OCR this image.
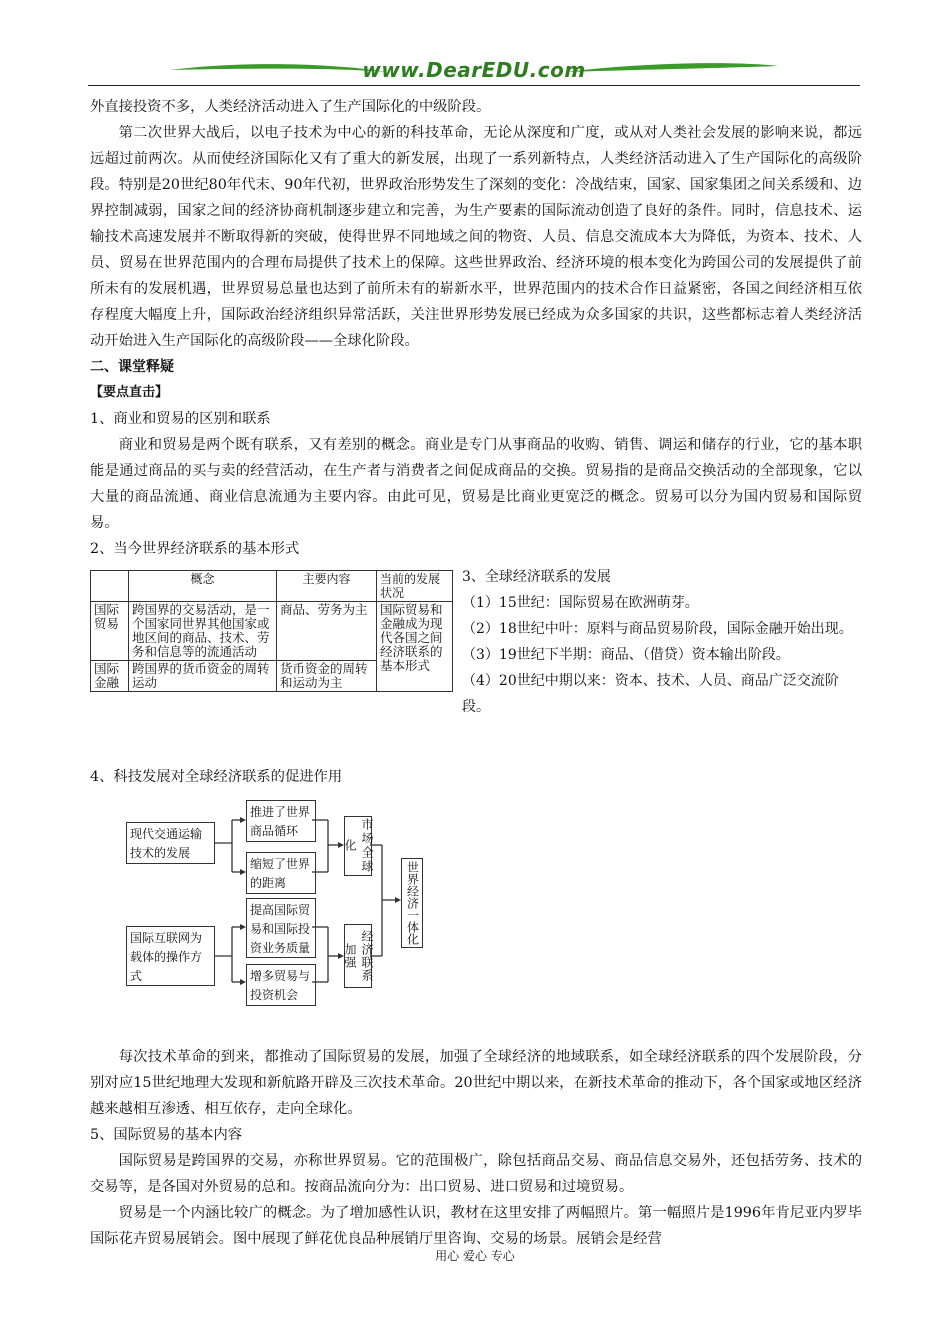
www.DearEDU.com

外直接投资不多，人类经济活动进入了生产国际化的中级阶段。

第二次世界大战后，以电子技术为中心的新的科技革命，无论从深度和广度，或从对人类社会发展的影响来说，都远远超过前两次。从而使经济国际化又有了重大的新发展，出现了一系列新特点，人类经济活动进入了生产国际化的高级阶段。特别是20世纪80年代末、90年代初，世界政治形势发生了深刻的变化：冷战结束，国家、国家集团之间关系缓和、边界控制减弱，国家之间的经济协商机制逐步建立和完善，为生产要素的国际流动创造了良好的条件。同时，信息技术、运输技术高速发展并不断取得新的突破，使得世界不同地域之间的物资、人员、信息交流成本大为降低，为资本、技术、人员、贸易在世界范围内的合理布局提供了技术上的保障。这些世界政治、经济环境的根本变化为跨国公司的发展提供了前所未有的发展机遇，世界贸易总量也达到了前所未有的崭新水平，世界范围内的技术合作日益紧密，各国之间经济相互依存程度大幅度上升，国际政治经济组织异常活跃，关注世界形势发展已经成为众多国家的共识，这些都标志着人类经济活动开始进入生产国际化的高级阶段——全球化阶段。

二、课堂释疑

【要点直击】

1、商业和贸易的区别和联系

商业和贸易是两个既有联系，又有差别的概念。商业是专门从事商品的收购、销售、调运和储存的行业，它的基本职能是通过商品的买与卖的经营活动，在生产者与消费者之间促成商品的交换。贸易指的是商品交换活动的全部现象，它以大量的商品流通、商业信息流通为主要内容。由此可见，贸易是比商业更宽泛的概念。贸易可以分为国内贸易和国际贸易。

2、当今世界经济联系的基本形式

	概念	主要内容	当前的发展状况
国际贸易	跨国界的交易活动，是一个国家同世界其他国家或地区间的商品、技术、劳务和信息等的流通活动	商品、劳务为主	国际贸易和金融成为现代各国之间经济联系的基本形式
国际金融	跨国界的货币资金的周转运动	货币资金的周转和运动为主	

3、全球经济联系的发展

（1）15世纪：国际贸易在欧洲萌芽。

（2）18世纪中叶：原料与商品贸易阶段，国际金融开始出现。

（3）19世纪下半期：商品、（借贷）资本输出阶段。

（4）20世纪中期以来：资本、技术、人员、商品广泛交流阶段。

4、科技发展对全球经济联系的促进作用

现代交通运输技术的发展
国际互联网为载体的操作方式
推进了世界商品循环
缩短了世界的距离
提高国际贸易和国际投资业务质量
增多贸易与投资机会
市场全球化
经济联系加强
世界经济一体化

每次技术革命的到来，都推动了国际贸易的发展，加强了全球经济的地域联系，如全球经济联系的四个发展阶段，分别对应15世纪地理大发现和新航路开辟及三次技术革命。20世纪中期以来，在新技术革命的推动下，各个国家或地区经济越来越相互渗透、相互依存，走向全球化。

5、国际贸易的基本内容

国际贸易是跨国界的交易，亦称世界贸易。它的范围极广，除包括商品交易、商品信息交易外，还包括劳务、技术的交易等，是各国对外贸易的总和。按商品流向分为：出口贸易、进口贸易和过境贸易。

贸易是一个内涵比较广的概念。为了增加感性认识，教材在这里安排了两幅照片。第一幅照片是1996年肯尼亚内罗毕国际花卉贸易展销会。图中展现了鲜花优良品种展销厅里咨询、交易的场景。展销会是经营

用心 爱心 专心
